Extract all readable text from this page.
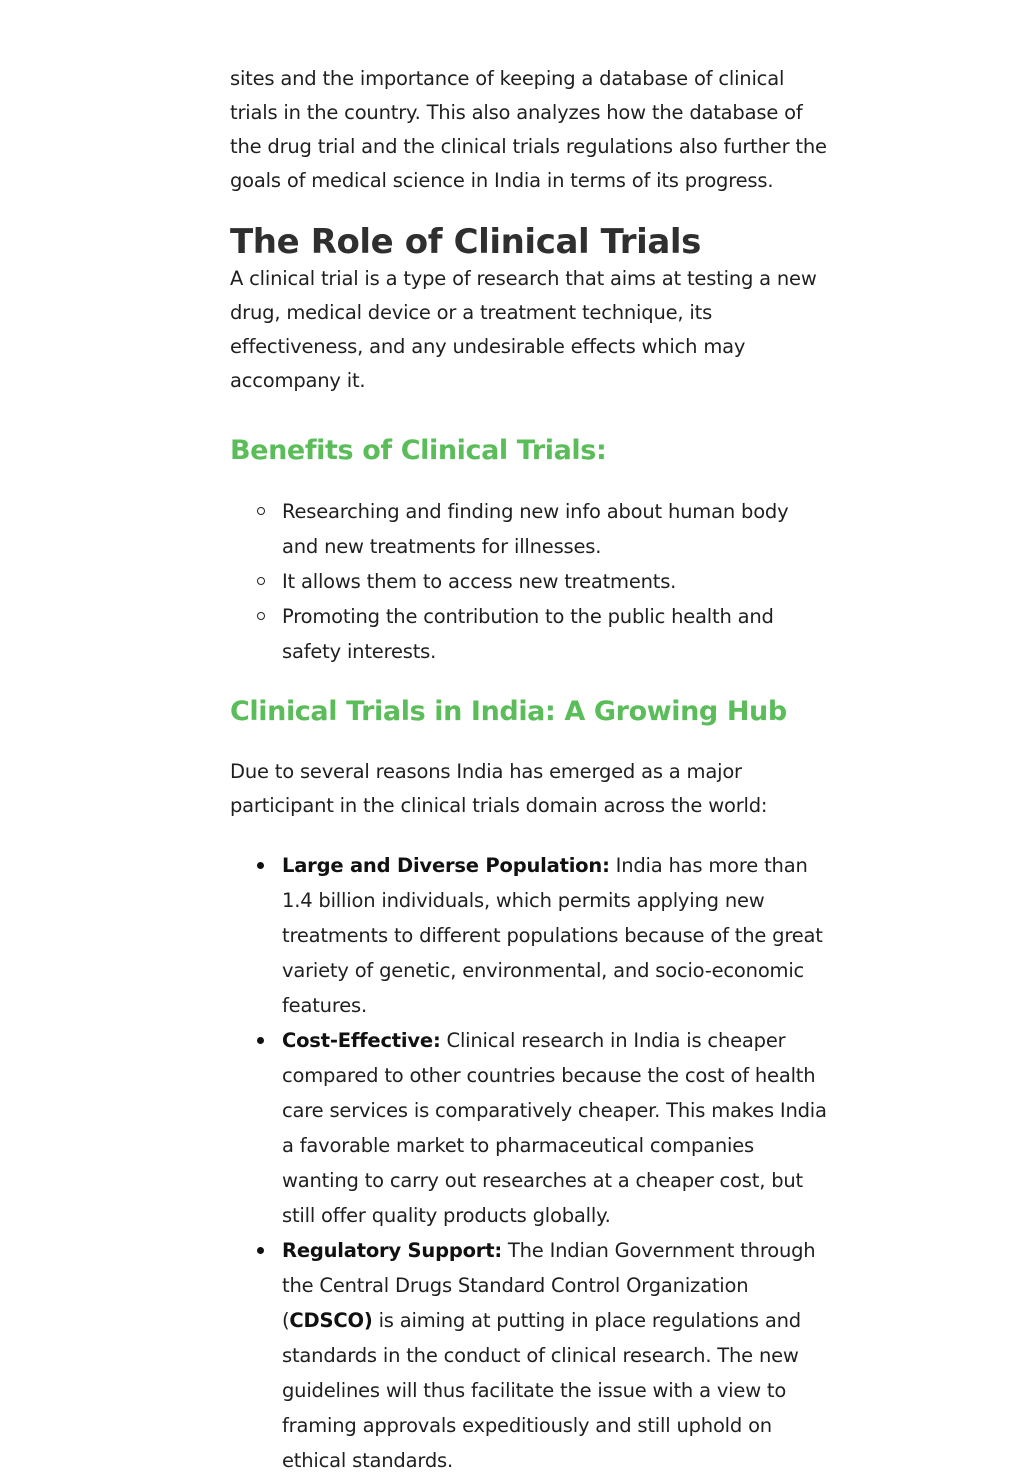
sites and the importance of keeping a database of clinical trials in the country. This also analyzes how the database of the drug trial and the clinical trials regulations also further the goals of medical science in India in terms of its progress.

The Role of Clinical Trials

A clinical trial is a type of research that aims at testing a new drug, medical device or a treatment technique, its effectiveness, and any undesirable effects which may accompany it.

Benefits of Clinical Trials:
Researching and finding new info about human body and new treatments for illnesses.
It allows them to access new treatments.
Promoting the contribution to the public health and safety interests.
Clinical Trials in India: A Growing Hub

Due to several reasons India has emerged as a major participant in the clinical trials domain across the world:

Large and Diverse Population: India has more than 1.4 billion individuals, which permits applying new treatments to different populations because of the great variety of genetic, environmental, and socio-economic features.
Cost-Effective: Clinical research in India is cheaper compared to other countries because the cost of health care services is comparatively cheaper. This makes India a favorable market to pharmaceutical companies wanting to carry out researches at a cheaper cost, but still offer quality products globally.
Regulatory Support: The Indian Government through the Central Drugs Standard Control Organization (CDSCO) is aiming at putting in place regulations and standards in the conduct of clinical research. The new guidelines will thus facilitate the issue with a view to framing approvals expeditiously and still uphold on ethical standards.
